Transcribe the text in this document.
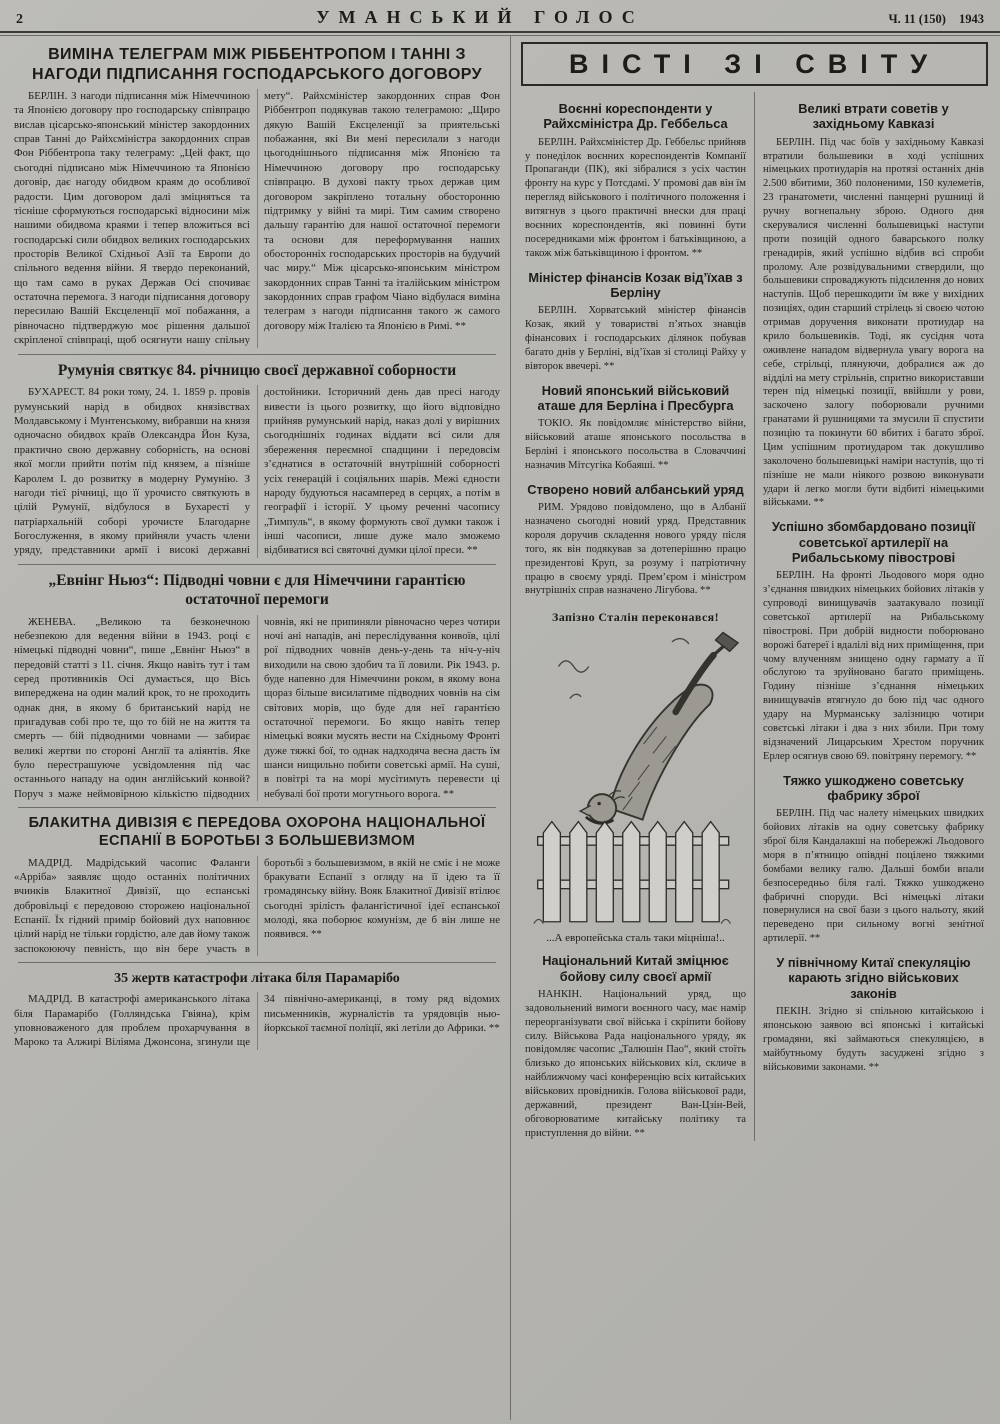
2	УМАНСЬКИЙ ГОЛОС	Ч. 11 (150) 1943
ВИМІНА ТЕЛЕГРАМ МІЖ РІББЕНТРОПОМ І ТАННІ З НАГОДИ ПІДПИСАННЯ ГОСПОДАРСЬКОГО ДОГОВОРУ
БЕРЛІН. З нагоди підписання між Німеччиною та Японією договору про господарську співпрацю вислав цісарсько-японський міністер закордонних справ Танні до Райхсміністра закордонних справ Фон Ріббентропа таку телеграму: „Цей факт, що сьогодні підписано між Німеччиною та Японією договір, дає нагоду обидвом краям до особливої радости. Цим договором далі зміцняться та тісніше сформуються господарські відносини між нашими обидвома краями і тепер вложиться всі господарські сили обидвох великих господарських просторів Великої Східньої Азії та Европи до спільного ведення війни. Я твердо переконаний, що там само в руках Держав Осі спочиває остаточна перемога. З нагоди підписання договору пересилаю Вашій Ексцеленції мої побажання, а рівночасно підтверджую моє рішення дальшої скріпленої співпраці, щоб осягнути нашу спільну мету“. Райхсміністер закордонних справ Фон Ріббентроп подякував такою телеграмою: „Щиро дякую Вашій Ексцеленції за приятельські побажання, які Ви мені пересилали з нагоди цьогоднішнього підписання між Японією та Німеччиною договору про господарську співпрацю. В духові пакту трьох держав цим договором закріплено тотальну обосторонню підтримку у війні та мирі. Тим самим створено дальшу гарантію для нашої остаточної перемоги та основи для переформування наших обосторонніх господарських просторів на будучий час миру.“ Між цісарсько-японським міністром закордонних справ Танні та італійським міністром закордонних справ графом Чіано відбулася виміна телеграм з нагоди підписання такого ж самого договору між Італією та Японією в Римі. **
Румунія святкує 84. річницю своєї державної соборности
БУХАРЕСТ. 84 роки тому, 24. 1. 1859 р. провів румунський нарід в обидвох князівствах Молдавському і Мунтенському, вибравши на князя одночасно обидвох країв Олександра Йон Куза, практично свою державну соборність, на основі якої могли прийти потім під князем, а пізніше Каролем І. до розвитку в модерну Румунію. З нагоди тієї річниці, що її урочисто святкують в цілій Румунії, відбулося в Бухаресті у патріархальній соборі урочисте Благодарне Богослуження, в якому прийняли участь члени уряду, представники армії і високі державні достойники. Історичний день дав пресі нагоду вивести із цього розвитку, що його відповідно прийняв румунський нарід, наказ долі у вирішних сьогоднішніх годинах віддати всі сили для збереження переємної спадщини і передовсім з’єднатися в остаточній внутрішній соборності усіх генерацій і соціяльних шарів. Межі єдности народу будуються насамперед в серцях, а потім в географії і історії. У цьому реченні часопису „Тимпуль“, в якому формують свої думки також і інші часописи, лише дуже мало зможемо відбиватися всі святочні думки цілої преси. **
„Евнінг Ньюз“: Підводні човни є для Німеччини гарантією остаточної перемоги
ЖЕНЕВА. „Великою та безконечною небезпекою для ведення війни в 1943. році є німецькі підводні човни“, пише „Евнінг Ньюз“ в передовій статті з 11. січня. Якщо навіть тут і там серед противників Осі думається, що Вісь випереджена на один малий крок, то не проходить однак дня, в якому б британський нарід не пригадував собі про те, що то бій не на життя та смерть — бій підводними човнами — забирає великі жертви по стороні Англії та аліянтів. Яке було перестрашуюче усвідомлення під час останнього нападу на один англійський конвой? Поруч з маже неймовірною кількістю підводних човнів, які не припиняли рівночасно через чотири ночі ані нападів, ані переслідування конвоїв, цілі рої підводних човнів день-у-день та ніч-у-ніч виходили на свою здобич та її ловили. Рік 1943. р. буде напевно для Німеччини роком, в якому вона щораз більше висилатиме підводних човнів на сім світових морів, що буде для неї гарантією остаточної перемоги. Бо якщо навіть тепер німецькі вояки мусять вести на Східньому Фронті дуже тяжкі бої, то однак надходяча весна дасть їм шанси нищильно побити советські армії. На суші, в повітрі та на морі мусітимуть перевести ці небувалі бої проти могутнього ворога. **
БЛАКИТНА ДИВІЗІЯ Є ПЕРЕДОВА ОХОРОНА НАЦІОНАЛЬНОЇ ЕСПАНІЇ В БОРОТЬБІ З БОЛЬШЕВИЗМОМ
МАДРІД. Мадрідський часопис Фаланги «Арріба» заявляє щодо останніх політичних вчинків Блакитної Дивізії, що еспанські добровільці є передовою сторожею національної Еспанії. Їх гідний примір бойовий дух наповнює цілий нарід не тільки гордістю, але дав йому також заспокоюючу певність, що він бере участь в боротьбі з большевизмом, в якій не сміє і не може бракувати Еспанії з огляду на її ідею та її громадянську війну. Вояк Блакитної Дивізії втілює сьогодні зрілість фалангістичної ідеї еспанської молоді, яка поборює комунізм, де б він лише не появився. **
35 жертв катастрофи літака біля Парамарібо
МАДРІД. В катастрофі американського літака біля Парамарібо (Голляндська Гвіяна), крім уповноваженого для проблем прохарчування в Мароко та Алжирі Віліяма Джонсона, згинули ще 34 північно-американці, в тому ряд відомих письменників, журналістів та урядовців нью-йоркської таємної поліції, які летіли до Африки. **
ВІСТІ ЗІ СВІТУ
Воєнні кореспонденти у Райхсміністра Др. Геббельса
БЕРЛІН. Райхсміністер Др. Геббельс прийняв у понеділок воєнних кореспондентів Компанії Пропаганди (ПК), які зібралися з усіх частин фронту на курс у Потсдамі. У промові дав він їм перегляд військового і політичного положення і витягнув з цього практичні внески для праці воєнних кореспондентів, які повинні бути посередниками між фронтом і батьківщиною, а також між батьківщиною і фронтом. **
Міністер фінансів Козак від’їхав з Берліну
БЕРЛІН. Хорватський міністер фінансів Козак, який у товаристві п’ятьох знавців фінансових і господарських ділянок побував багато днів у Берліні, від’їхав зі столиці Райху у вівторок ввечері. **
Новий японський військовий аташе для Берліна і Пресбурга
ТОКІО. Як повідомляє міністерство війни, військовий аташе японського посольства в Берліні і японського посольства в Словаччині назначив Мітсугіка Кобаяші. **
Створено новий албанський уряд
РИМ. Урядово повідомлено, що в Албанії назначено сьогодні новий уряд. Представник короля доручив складення нового уряду після того, як він подякував за дотеперішню працю президентові Круп, за розуму і патріотичну працю в своєму уряді. Прем’єром і міністром внутрішніх справ назначено Лігубова. **
Запізно Сталін переконався!
...А европейська сталь таки міцніша!..
Національний Китай зміцнює бойову силу своєї армії
НАНКІН. Національний уряд, що задовольнений вимоги воєнного часу, має намір переорганізувати свої війська і скріпити бойову силу. Військова Рада національного уряду, як повідомляє часопис „Талюшін Пао“, який стоїть близько до японських військових кіл, скличе в найближчому часі конференцію всіх китайських військових провідників. Голова військової ради, державний, президент Ван-Цзін-Вей, обговорюватиме китайську політику та приступлення до війни. **
Великі втрати советів у західньому Кавказі
БЕРЛІН. Під час боїв у західньому Кавказі втратили большевики в ході успішних німецьких протиударів на протязі останніх днів 2.500 вбитими, 360 полоненими, 150 кулеметів, 23 гранатомети, численні панцерні рушниці й ручну вогнепальну зброю. Одного дня скерувалися численні большевицькі наступи проти позицій одного баварського полку гренадирів, який успішно відбив всі спроби пролому. Але розвідувальними ствердили, що большевики спроваджують підсилення до нових наступів. Щоб перешкодити їм вже у вихідних позиціях, один старший стрілець зі своєю чотою отримав доручення виконати протиудар на крило большевиків. Тоді, як сусідня чота оживлене нападом відвернула увагу ворога на себе, стрільці, плянуючи, добралися аж до відділі на мету стрільнів, спритно використавши терен під німецькі позиції, ввійшли у рови, заскочено залогу поборювали ручними гранатами й рушницями та змусили її спустити позицію та покинути 60 вбитих і багато зброї. Цим успішним протиударом так докушливо заколочено большевицькі наміри наступів, що ті пізніше не мали ніякого розвою виконувати удари й легко могли бути відбиті німецькими військами. **
Успішно збомбардовано позиції советської артилерії на Рибальському півострові
БЕРЛІН. На фронті Льодового моря одно з’єднання швидких німецьких бойових літаків у супроводі винищувачів заатакувало позиції советської артилерії на Рибальському півострові. При добрій видности поборювано ворожі батереї і вдалілі від них приміщення, при чому влученням знищено одну гармату а її обслугою та зруйновано багато приміщень. Годину пізніше з’єднання німецьких винищувачів втягнуло до бою під час одного удару на Мурманську залізницю чотири совєтські літаки і два з них збили. При тому відзначений Лицарським Хрестом поручник Ерлер осягнув свою 69. повітряну перемогу. **
Тяжко ушкоджено советську фабрику зброї
БЕРЛІН. Під час налету німецьких швидких бойових літаків на одну советську фабрику зброї біля Кандалакші на побережжі Льодового моря в п’ятницю опівдні поцілено тяжкими бомбами велику галю. Дальші бомби впали безпосередньо біля галі. Тяжко ушкоджено фабричні споруди. Всі німецькі літаки повернулися на свої бази з цього нальоту, який переведено при сильному вогні зенітної артилерії. **
У північному Китаї спекуляцію карають згідно військових законів
ПЕКІН. Згідно зі спільною китайською і японською заявою всі японські і китайські громадяни, які займаються спекуляцією, в майбутньому будуть засуджені згідно з військовими законами. **
